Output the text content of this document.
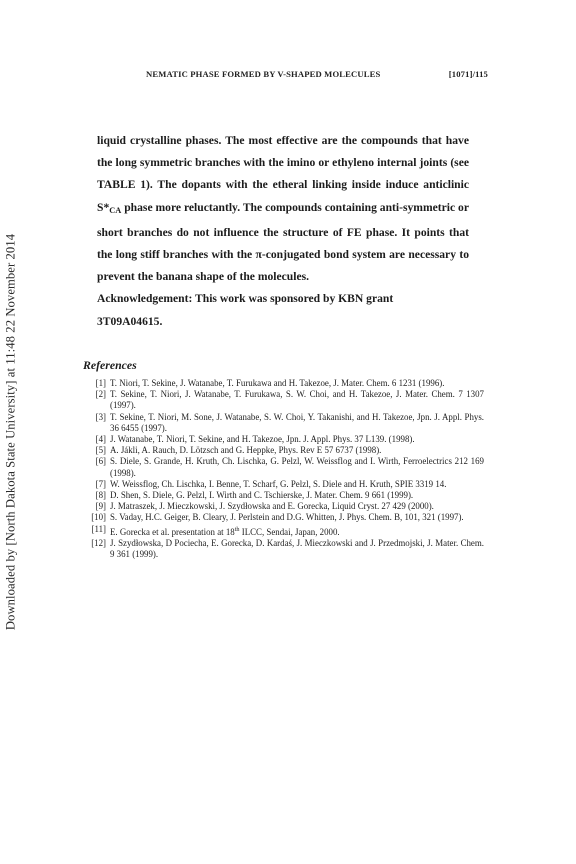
Downloaded by [North Dakota State University] at 11:48 22 November 2014
NEMATIC PHASE FORMED BY V-SHAPED MOLECULES	[1071]/115

liquid crystalline phases. The most effective are the compounds that have the long symmetric branches with the imino or ethyleno internal joints (see TABLE 1). The dopants with the etheral linking inside induce anticlinic $S*_{CA}$ phase more reluctantly. The compounds containing anti-symmetric or short branches do not influence the structure of FE phase. It points that the long stiff branches with the π-conjugated bond system are necessary to prevent the banana shape of the molecules.

Acknowledgement: This work was sponsored by KBN grant
3T09A04615.

References
[1] T. Niori, T. Sekine, J. Watanabe, T. Furukawa and H. Takezoe, J. Mater. Chem. 6 1231 (1996).
[2] T. Sekine, T. Niori, J. Watanabe, T. Furukawa, S. W. Choi, and H. Takezoe, J. Mater. Chem. 7 1307 (1997).
[3] T. Sekine, T. Niori, M. Sone, J. Watanabe, S. W. Choi, Y. Takanishi, and H. Takezoe, Jpn. J. Appl. Phys. 36 6455 (1997).
[4] J. Watanabe, T. Niori, T. Sekine, and H. Takezoe, Jpn. J. Appl. Phys. 37 L139. (1998).
[5] A. Jákli, A. Rauch, D. Lötzsch and G. Heppke, Phys. Rev E 57 6737 (1998).
[6] S. Diele, S. Grande, H. Kruth, Ch. Lischka, G. Pelzl, W. Weissflog and I. Wirth, Ferroelectrics 212 169 (1998).
[7] W. Weissflog, Ch. Lischka, I. Benne, T. Scharf, G. Pelzl, S. Diele and H. Kruth, SPIE 3319 14.
[8] D. Shen, S. Diele, G. Pelzl, I. Wirth and C. Tschierske, J. Mater. Chem. 9 661 (1999).
[9] J. Matraszek, J. Mieczkowski, J. Szydłowska and E. Gorecka, Liquid Cryst. 27 429 (2000).
[10] S. Vaday, H.C. Geiger, B. Cleary, J. Perlstein and D.G. Whitten, J. Phys. Chem. B, 101, 321 (1997).
[11] E. Gorecka et al. presentation at 18th ILCC, Sendai, Japan, 2000.
[12] J. Szydłowska, D Pociecha, E. Gorecka, D. Kardaś, J. Mieczkowski and J. Przedmojski, J. Mater. Chem. 9 361 (1999).
